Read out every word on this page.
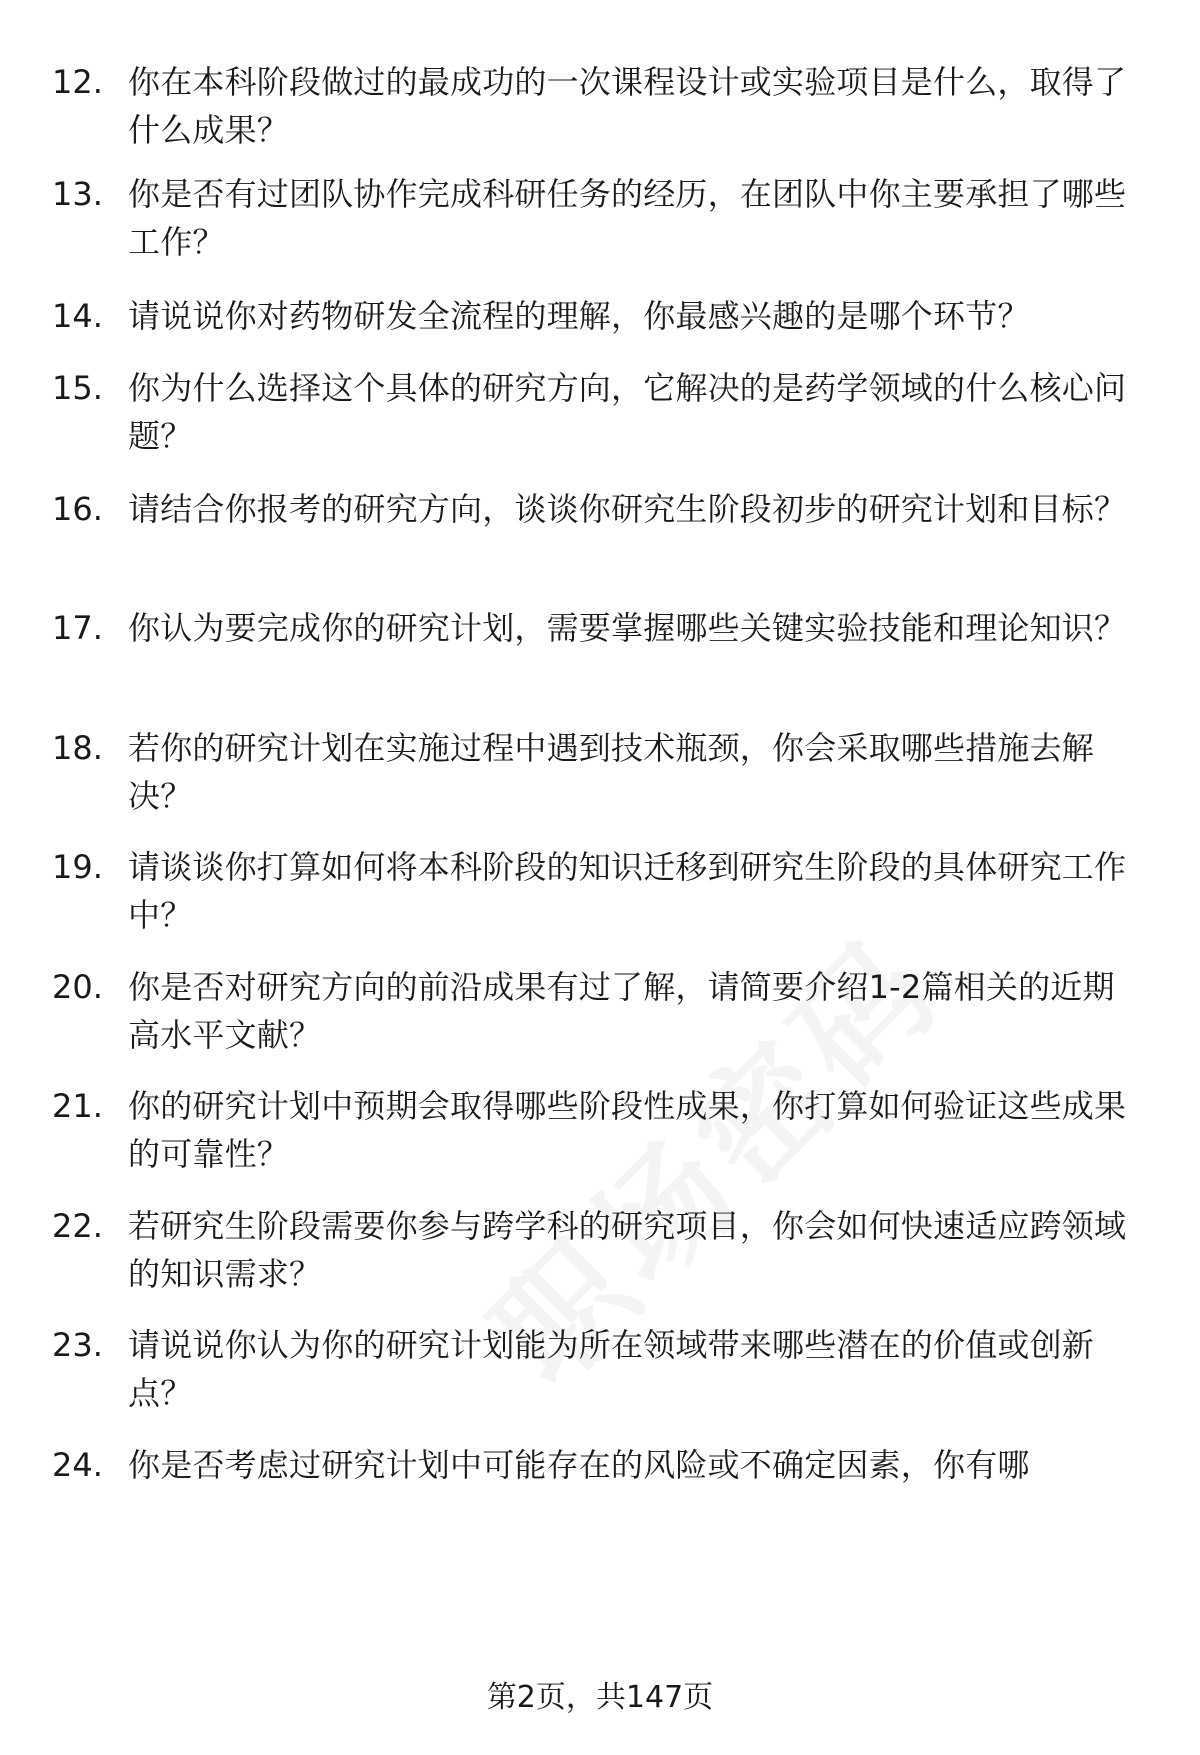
12. 你在本科阶段做过的最成功的一次课程设计或实验项目是什么，取得了什么成果？
13. 你是否有过团队协作完成科研任务的经历，在团队中你主要承担了哪些工作？
14. 请说说你对药物研发全流程的理解，你最感兴趣的是哪个环节？
15. 你为什么选择这个具体的研究方向，它解决的是药学领域的什么核心问题？
16. 请结合你报考的研究方向，谈谈你研究生阶段初步的研究计划和目标？
17. 你认为要完成你的研究计划，需要掌握哪些关键实验技能和理论知识？
18. 若你的研究计划在实施过程中遇到技术瓶颈，你会采取哪些措施去解决？
19. 请谈谈你打算如何将本科阶段的知识迁移到研究生阶段的具体研究工作中？
20. 你是否对研究方向的前沿成果有过了解，请简要介绍1-2篇相关的近期高水平文献？
21. 你的研究计划中预期会取得哪些阶段性成果，你打算如何验证这些成果的可靠性？
22. 若研究生阶段需要你参与跨学科的研究项目，你会如何快速适应跨领域的知识需求？
23. 请说说你认为你的研究计划能为所在领域带来哪些潜在的价值或创新点？
24. 你是否考虑过研究计划中可能存在的风险或不确定因素，你有哪
第2页，共147页
